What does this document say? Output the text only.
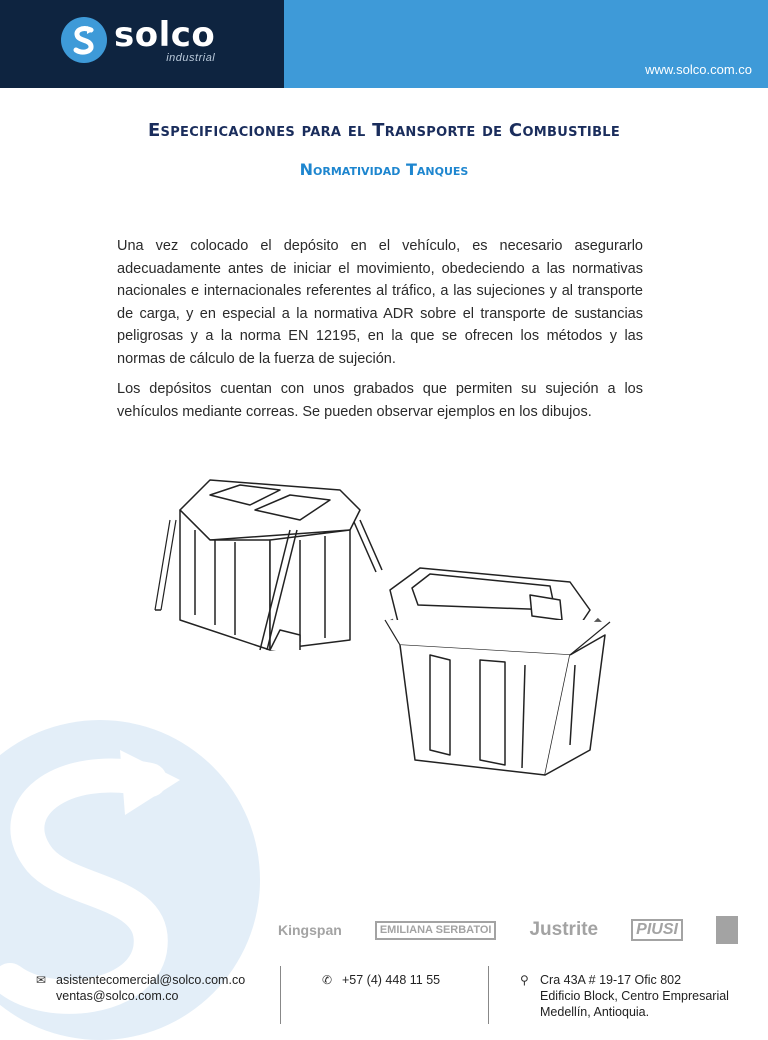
solco
industrial
www.solco.com.co
Especificaciones para el Transporte de Combustible
Normatividad Tanques

Una vez colocado el depósito en el vehículo, es necesario asegurarlo adecuadamente antes de iniciar el movimiento, obedeciendo a las normativas nacionales e internacionales referentes al tráfico, a las sujeciones y al transporte de carga, y en especial a la normativa ADR sobre el transporte de sustancias peligrosas y a la norma EN 12195, en la que se ofrecen los métodos y las normas de cálculo de la fuerza de sujeción.

Los depósitos cuentan con unos grabados que permiten su sujeción a los vehículos mediante correas. Se pueden observar ejemplos en los dibujos.

Kingspan	EMILIANA SERBATOI Justrite	PIUSI
✉ asistentecomercial@solco.com.co
ventas@solco.com.co
✆ +57 (4) 448 11 55	⚲ Cra 43A # 19-17 Ofic 802
Edificio Block, Centro Empresarial
Medellín, Antioquia.
